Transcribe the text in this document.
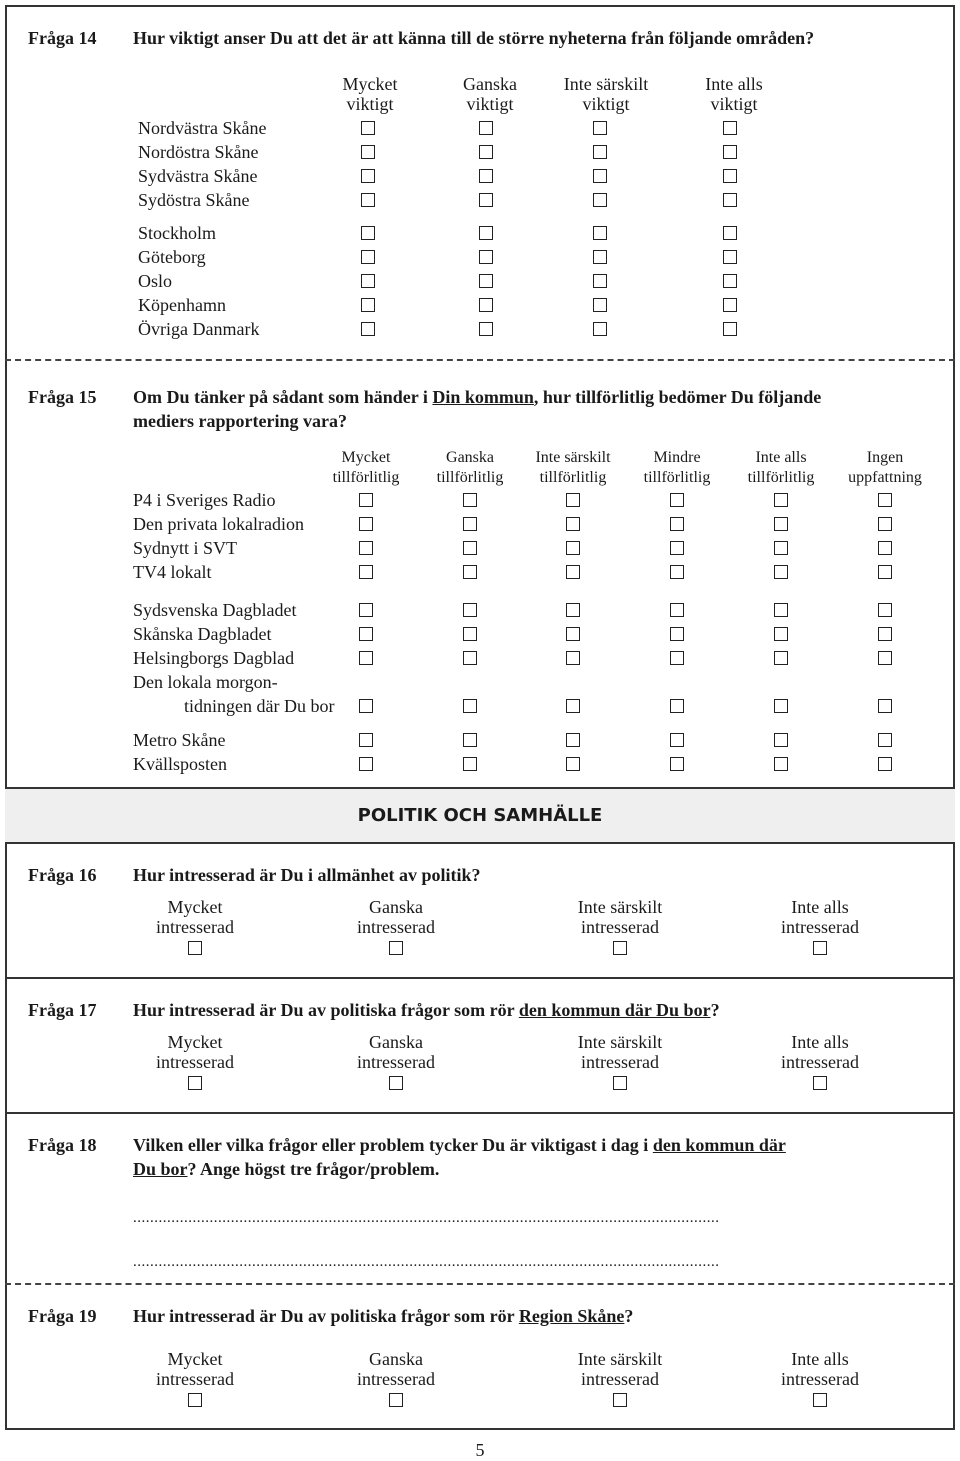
Fråga 14 Hur viktigt anser Du att det är att känna till de större nyheterna från följande områden?
Mycket
viktigt
Ganska
viktigt
Inte särskilt
viktigt
Inte alls
viktigt
Nordvästra Skåne
Nordöstra Skåne
Sydvästra Skåne
Sydöstra Skåne
Stockholm
Göteborg
Oslo
Köpenhamn
Övriga Danmark
Fråga 15 Om Du tänker på sådant som händer i Din kommun, hur tillförlitlig bedömer Du följande
mediers rapportering vara?
Mycket
tillförlitlig
Ganska
tillförlitlig
Inte särskilt
tillförlitlig
Mindre
tillförlitlig
Inte alls
tillförlitlig
Ingen
uppfattning
P4 i Sveriges Radio
Den privata lokalradion
Sydnytt i SVT
TV4 lokalt
Sydsvenska Dagbladet
Skånska Dagbladet
Helsingborgs Dagblad
Den lokala morgon-
tidningen där Du bor
Metro Skåne
Kvällsposten
POLITIK OCH SAMHÄLLE
Fråga 16 Hur intresserad är Du i allmänhet av politik?
Mycket
intresserad
Ganska
intresserad
Inte särskilt
intresserad
Inte alls
intresserad
Fråga 17 Hur intresserad är Du av politiska frågor som rör den kommun där Du bor?
Mycket
intresserad
Ganska
intresserad
Inte särskilt
intresserad
Inte alls
intresserad
Fråga 18 Vilken eller vilka frågor eller problem tycker Du är viktigast i dag i den kommun där
Du bor? Ange högst tre frågor/problem.
..........................................................................................................................................
..........................................................................................................................................
Fråga 19 Hur intresserad är Du av politiska frågor som rör Region Skåne?
Mycket
intresserad
Ganska
intresserad
Inte särskilt
intresserad
Inte alls
intresserad
5
